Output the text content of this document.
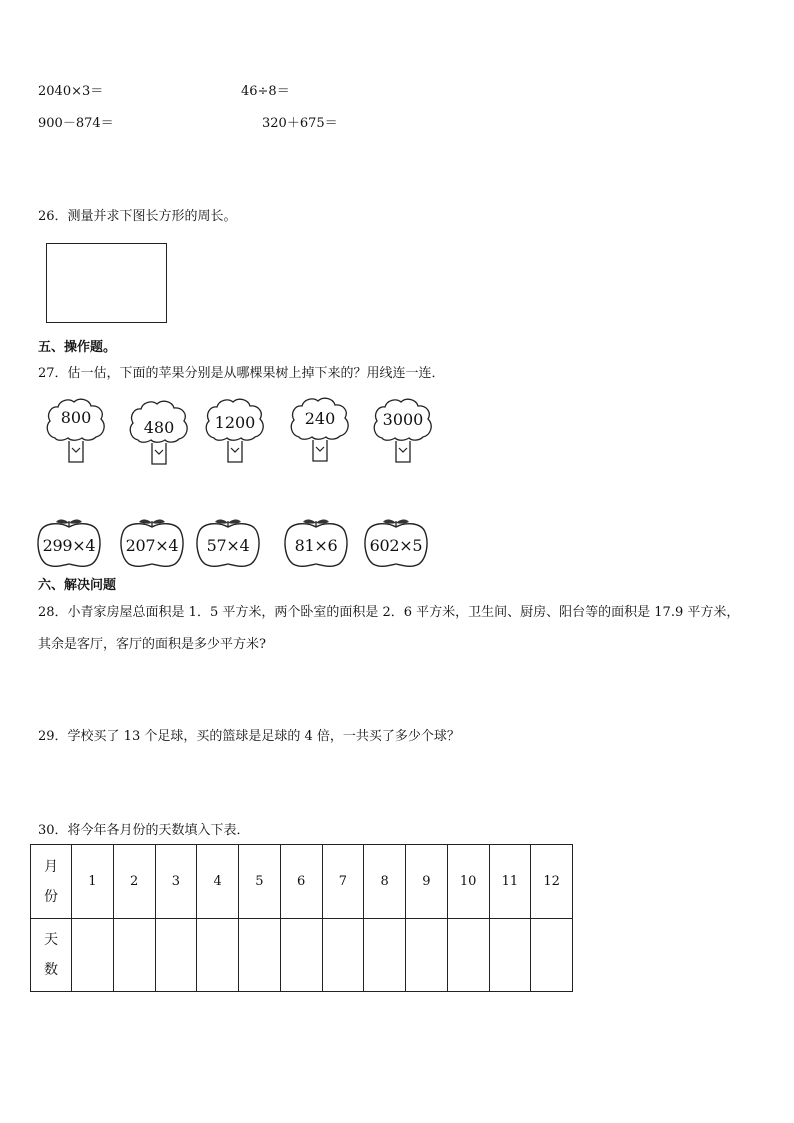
2040×3＝	46÷8＝
900－874＝	320＋675＝
26．测量并求下图长方形的周长。
五、操作题。
27．估一估，下面的苹果分别是从哪棵果树上掉下来的？用线连一连．
800
480	1200	240	3000
299×4	207×4	57×4	81×6	602×5
六、解决问题
28．小青家房屋总面积是 1．5 平方米，两个卧室的面积是 2．6 平方米，卫生间、厨房、阳台等的面积是 17.9 平方米，
其余是客厅，客厅的面积是多少平方米?
29．学校买了 13 个足球，买的篮球是足球的 4 倍，一共买了多少个球？
30．将今年各月份的天数填入下表．
月
份	1	2	3	4	5	6	7	8	9	10	11	12
天
数												
